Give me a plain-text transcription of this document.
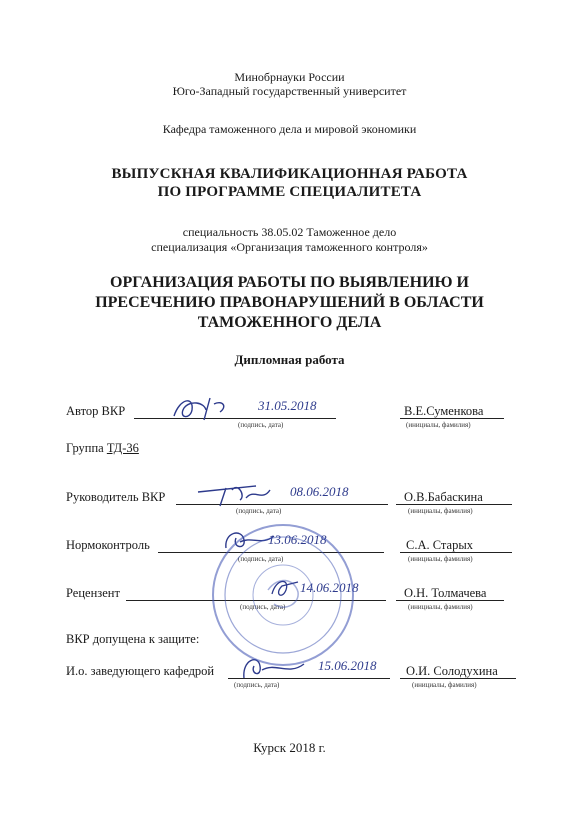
Минобрнауки России
Юго-Западный государственный университет
Кафедра таможенного дела и мировой экономики
ВЫПУСКНАЯ КВАЛИФИКАЦИОННАЯ РАБОТА
ПО ПРОГРАММЕ СПЕЦИАЛИТЕТА
специальность 38.05.02 Таможенное дело
специализация «Организация таможенного контроля»
ОРГАНИЗАЦИЯ РАБОТЫ ПО ВЫЯВЛЕНИЮ И
ПРЕСЕЧЕНИЮ ПРАВОНАРУШЕНИЙ В ОБЛАСТИ
ТАМОЖЕННОГО ДЕЛА
Дипломная работа
Автор ВКР	31.05.2018
(подпись, дата)
В.Е.Суменкова
(инициалы, фамилия)
Группа ТД-36
Руководитель ВКР	08.06.2018
(подпись, дата)
О.В.Бабаскина
(инициалы, фамилия)
Нормоконтроль	13.06.2018
(подпись, дата)
С.А. Старых
(инициалы, фамилия)
Рецензент	14.06.2018
(подпись, дата)
О.Н. Толмачева
(инициалы, фамилия)
ВКР допущена к защите:
И.о. заведующего кафедрой	15.06.2018
(подпись, дата)
О.И. Солодухина
(инициалы, фамилия)
Курск 2018 г.
